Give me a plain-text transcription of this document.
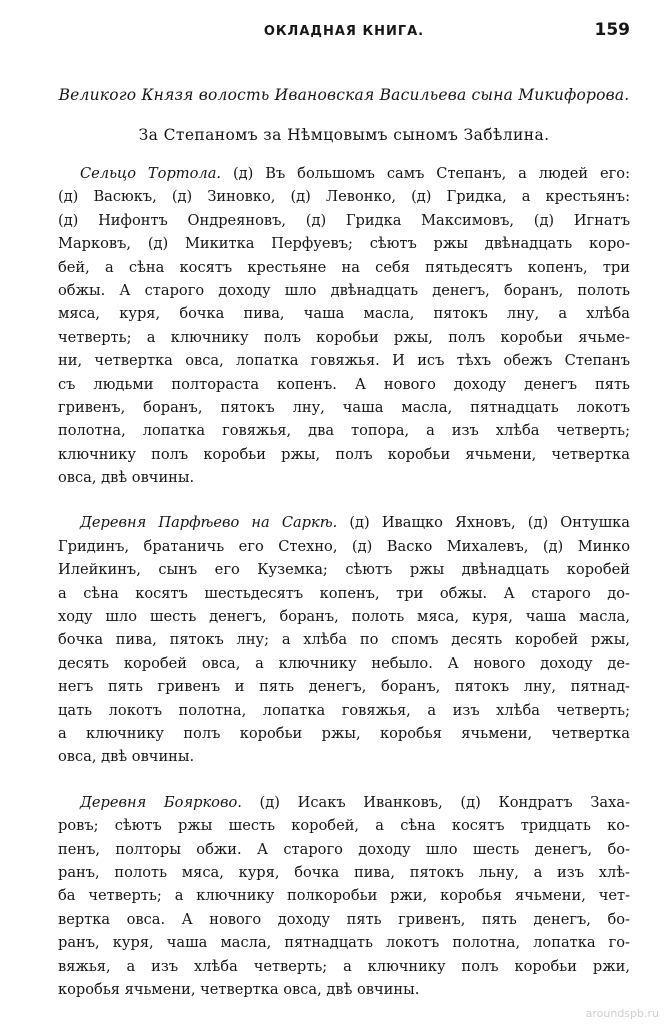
ОКЛАДНАЯ КНИГА.	159
Великого Князя волость Ивановская Васильева сына Микифорова.
За Степаномъ за Нѣмцовымъ сыномъ Забѣлина.
Сельцо Тортола. (д) Въ большомъ самъ Степанъ, а людей его:
(д) Васюкъ, (д) Зиновко, (д) Левонко, (д) Гридка, а крестьянъ:
(д) Нифонтъ Ондреяновъ, (д) Гридка Максимовъ, (д) Игнатъ
Марковъ, (д) Микитка Перфуевъ; сѣютъ ржы двѣнадцать коро-
бей, а сѣна косятъ крестьяне на себя пятьдесятъ копенъ, три
обжы. А старого доходу шло двѣнадцать денегъ, боранъ, полоть
мяса, куря, бочка пива, чаша масла, пятокъ лну, а хлѣба
четверть; а ключнику полъ коробьи ржы, полъ коробьи ячьме-
ни, четвертка овса, лопатка говяжья. И исъ тѣхъ обежъ Степанъ
съ людьми полтораста копенъ. А нового доходу денегъ пять
гривенъ, боранъ, пятокъ лну, чаша масла, пятнадцать локотъ
полотна, лопатка говяжья, два топора, а изъ хлѣба четверть;
ключнику полъ коробьи ржы, полъ коробьи ячьмени, четвертка
овса, двѣ овчины.
Деревня Парфѣево на Саркѣ. (д) Иващко Яхновъ, (д) Онтушка
Гридинъ, братаничь его Стехно, (д) Васко Михалевъ, (д) Минко
Илейкинъ, сынъ его Куземка; сѣютъ ржы двѣнадцать коробей
а сѣна косятъ шестьдесятъ копенъ, три обжы. А старого до-
ходу шло шесть денегъ, боранъ, полоть мяса, куря, чаша масла,
бочка пива, пятокъ лну; а хлѣба по спомъ десять коробей ржы,
десять коробей овса, а ключнику небыло. А нового доходу де-
негъ пять гривенъ и пять денегъ, боранъ, пятокъ лну, пятнад-
цать локотъ полотна, лопатка говяжья, а изъ хлѣба четверть;
а ключнику полъ коробьи ржы, коробья ячьмени, четвертка
овса, двѣ овчины.
Деревня Боярково. (д) Исакъ Иванковъ, (д) Кондратъ Заха-
ровъ; сѣютъ ржы шесть коробей, а сѣна косятъ тридцать ко-
пенъ, полторы обжи. А старого доходу шло шесть денегъ, бо-
ранъ, полоть мяса, куря, бочка пива, пятокъ льну, а изъ хлѣ-
ба четверть; а ключнику полкоробьи ржи, коробья ячьмени, чет-
вертка овса. А нового доходу пять гривенъ, пять денегъ, бо-
ранъ, куря, чаша масла, пятнадцать локотъ полотна, лопатка го-
вяжья, а изъ хлѣба четверть; а ключнику полъ коробьи ржи,
коробья ячьмени, четвертка овса, двѣ овчины.
aroundspb.ru
